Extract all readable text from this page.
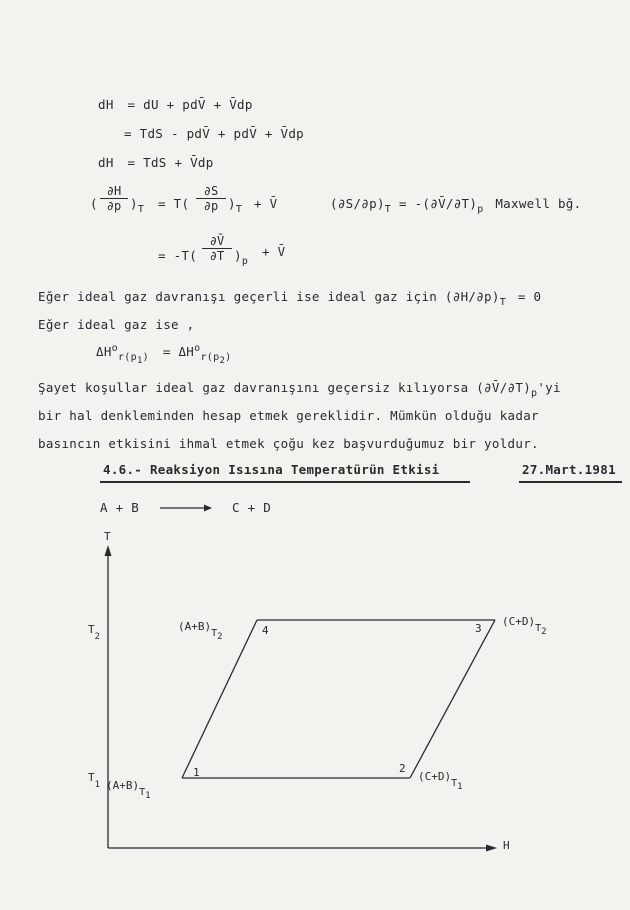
dH = dU + pdV̄ + V̄dp
= TdS - pdV̄ + pdV̄ + V̄dp
dH = TdS + V̄dp
( $\frac{\partial H}{\partial p} )_T = T( \frac{\partial S}{\partial p} )_T$ + V̄	$(\partial S/\partial p)_T$ = $-(\partial V̄/\partial T)_p$ Maxwell bğ.
= $-T( \frac{\partial V̄}{\partial T} )_p$
+ V̄
Eğer ideal gaz davranışı geçerli ise ideal gaz için $(\partial H/\partial p)_T = 0$
Eğer ideal gaz ise ,
$\Delta H^o_{r(p1)} = \Delta H^o_{r(p2)}$
Şayet koşullar ideal gaz davranışını geçersiz kılıyorsa $(\partial V̄/\partial T)_p'yi$
bir hal denkleminden hesap etmek gereklidir. Mümkün olduğu kadar
basıncın etkisini ihmal etmek çoğu kez başvurduğumuz bir yoldur.
4.6.- Reaksiyon Isısına Temperatürün Etkisi	27.Mart.1981
A + B → C + D
T
H
$T_2$
$T_1$ $(A+B)T_1$
$(A+B)T_2$
$(C+D)T_2$
$(C+D)T_1$
1	2
3
4
